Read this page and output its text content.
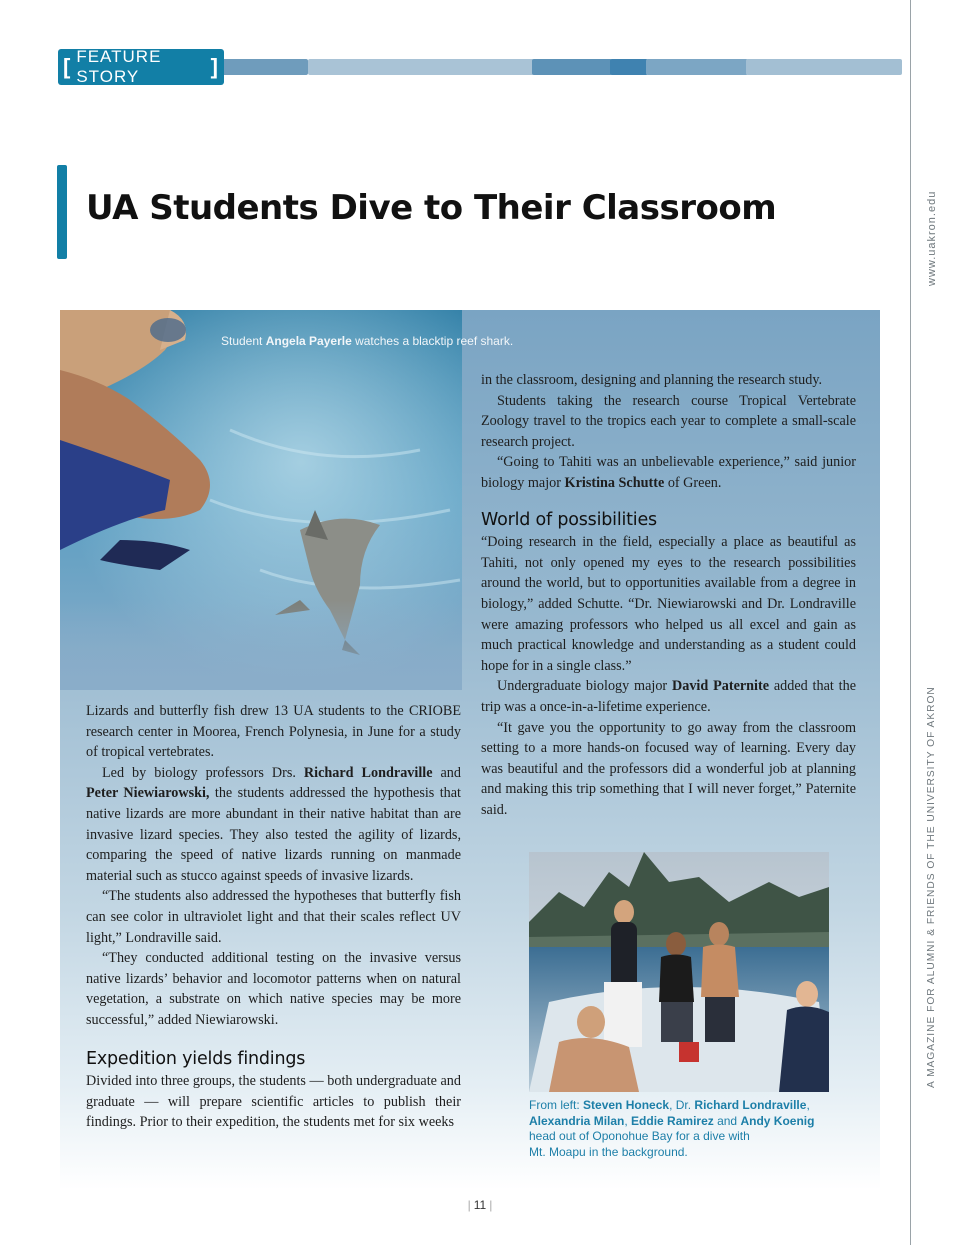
[ FEATURE STORY	]
www.uakron.edu
A MAGAZINE FOR ALUMNI & FRIENDS OF THE UNIVERSITY OF AKRON
UA Students Dive to Their Classroom
Student Angela Payerle watches a blacktip reef shark.

Lizards and butterfly fish drew 13 UA students to the CRIOBE research center in Moorea, French Polynesia, in June for a study of tropical vertebrates.

Led by biology professors Drs. Richard Londraville and Peter Niewiarowski, the students addressed the hypothesis that native lizards are more abundant in their native habitat than are invasive lizard species. They also tested the agility of lizards, comparing the speed of native lizards running on manmade material such as stucco against speeds of invasive lizards.

“The students also addressed the hypotheses that butterfly fish can see color in ultraviolet light and that their scales reflect UV light,” Londraville said.

“They conducted additional testing on the invasive versus native lizards’ behavior and locomotor patterns when on natural vegetation, a substrate on which native species may be more successful,” added Niewiarowski.

Expedition yields findings

Divided into three groups, the students — both undergraduate and graduate — will prepare scientific articles to publish their findings. Prior to their expedition, the students met for six weeks

in the classroom, designing and planning the research study.

Students taking the research course Tropical Vertebrate Zoology travel to the tropics each year to complete a small-scale research project.

“Going to Tahiti was an unbelievable experience,” said junior biology major Kristina Schutte of Green.

World of possibilities

“Doing research in the field, especially a place as beautiful as Tahiti, not only opened my eyes to the research possibilities around the world, but to opportunities available from a degree in biology,” added Schutte. “Dr. Niewiarowski and Dr. Londraville were amazing professors who helped us all excel and gain as much practical knowledge and understanding as a student could hope for in a single class.”

Undergraduate biology major David Paternite added that the trip was a once-in-a-lifetime experience.

“It gave you the opportunity to go away from the classroom setting to a more hands-on focused way of learning. Every day was beautiful and the professors did a wonderful job at planning and making this trip something that I will never forget,” Paternite said.

From left: Steven Honeck, Dr. Richard Londraville,
Alexandria Milan, Eddie Ramirez and Andy Koenig
head out of Oponohue Bay for a dive with Mt. Moapu in the background.
| 11 |
